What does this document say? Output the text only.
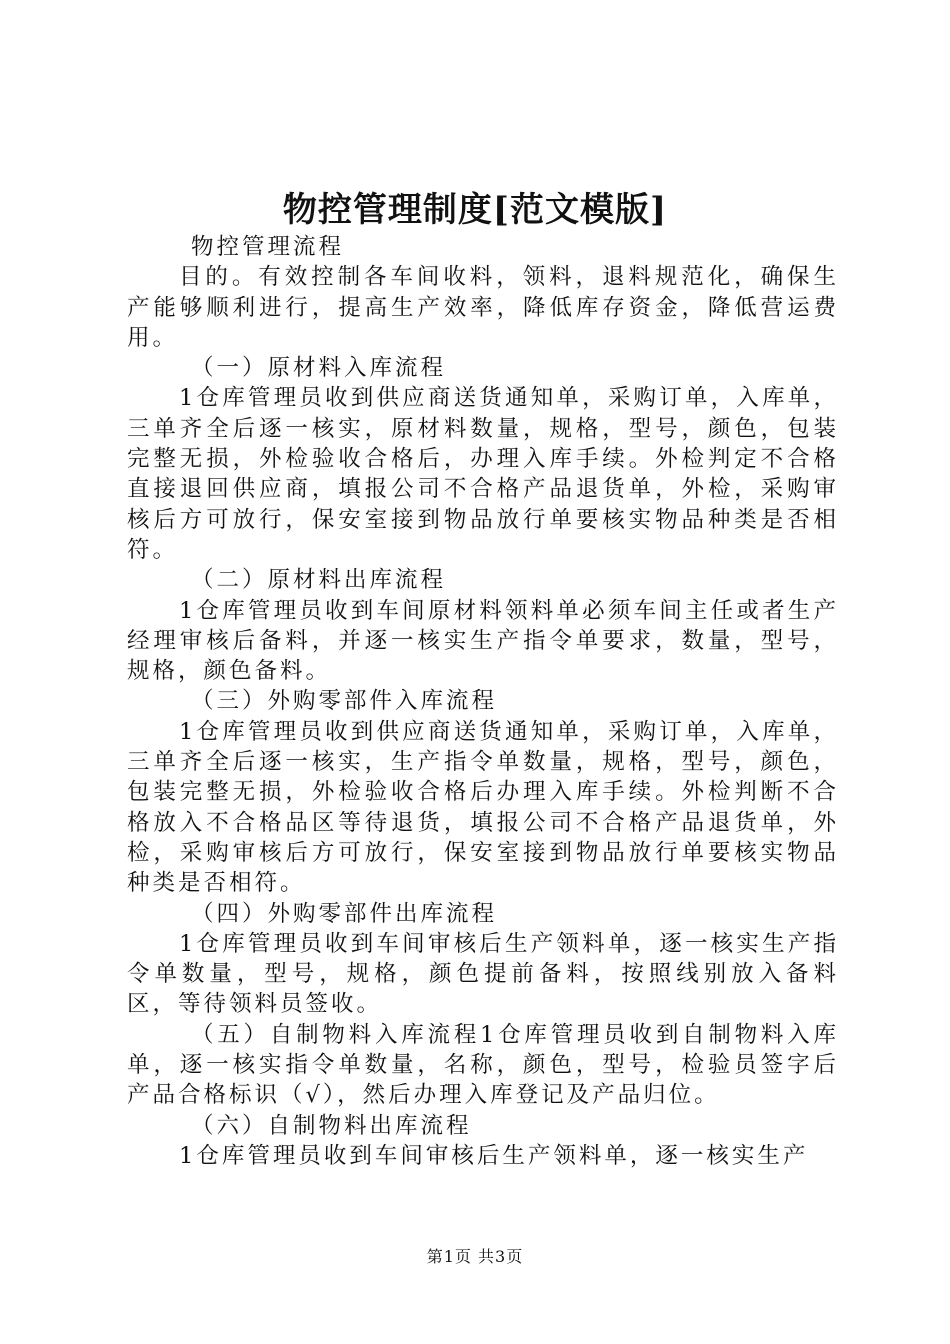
物控管理制度[范文模版]

物控管理流程

目的。有效控制各车间收料，领料，退料规范化，确保生产能够顺利进行，提高生产效率，降低库存资金，降低营运费用。

（一）原材料入库流程

1仓库管理员收到供应商送货通知单，采购订单，入库单，三单齐全后逐一核实，原材料数量，规格，型号，颜色，包装完整无损，外检验收合格后，办理入库手续。外检判定不合格直接退回供应商，填报公司不合格产品退货单，外检，采购审核后方可放行，保安室接到物品放行单要核实物品种类是否相符。

（二）原材料出库流程

1仓库管理员收到车间原材料领料单必须车间主任或者生产经理审核后备料，并逐一核实生产指令单要求，数量，型号，规格，颜色备料。

（三）外购零部件入库流程

1仓库管理员收到供应商送货通知单，采购订单，入库单，三单齐全后逐一核实，生产指令单数量，规格，型号，颜色，包装完整无损，外检验收合格后办理入库手续。外检判断不合格放入不合格品区等待退货，填报公司不合格产品退货单，外检，采购审核后方可放行，保安室接到物品放行单要核实物品种类是否相符。

（四）外购零部件出库流程

1仓库管理员收到车间审核后生产领料单，逐一核实生产指令单数量，型号，规格，颜色提前备料，按照线别放入备料区，等待领料员签收。

（五）自制物料入库流程1仓库管理员收到自制物料入库单，逐一核实指令单数量，名称，颜色，型号，检验员签字后产品合格标识（√），然后办理入库登记及产品归位。

（六）自制物料出库流程

1仓库管理员收到车间审核后生产领料单，逐一核实生产

第1页 共3页
